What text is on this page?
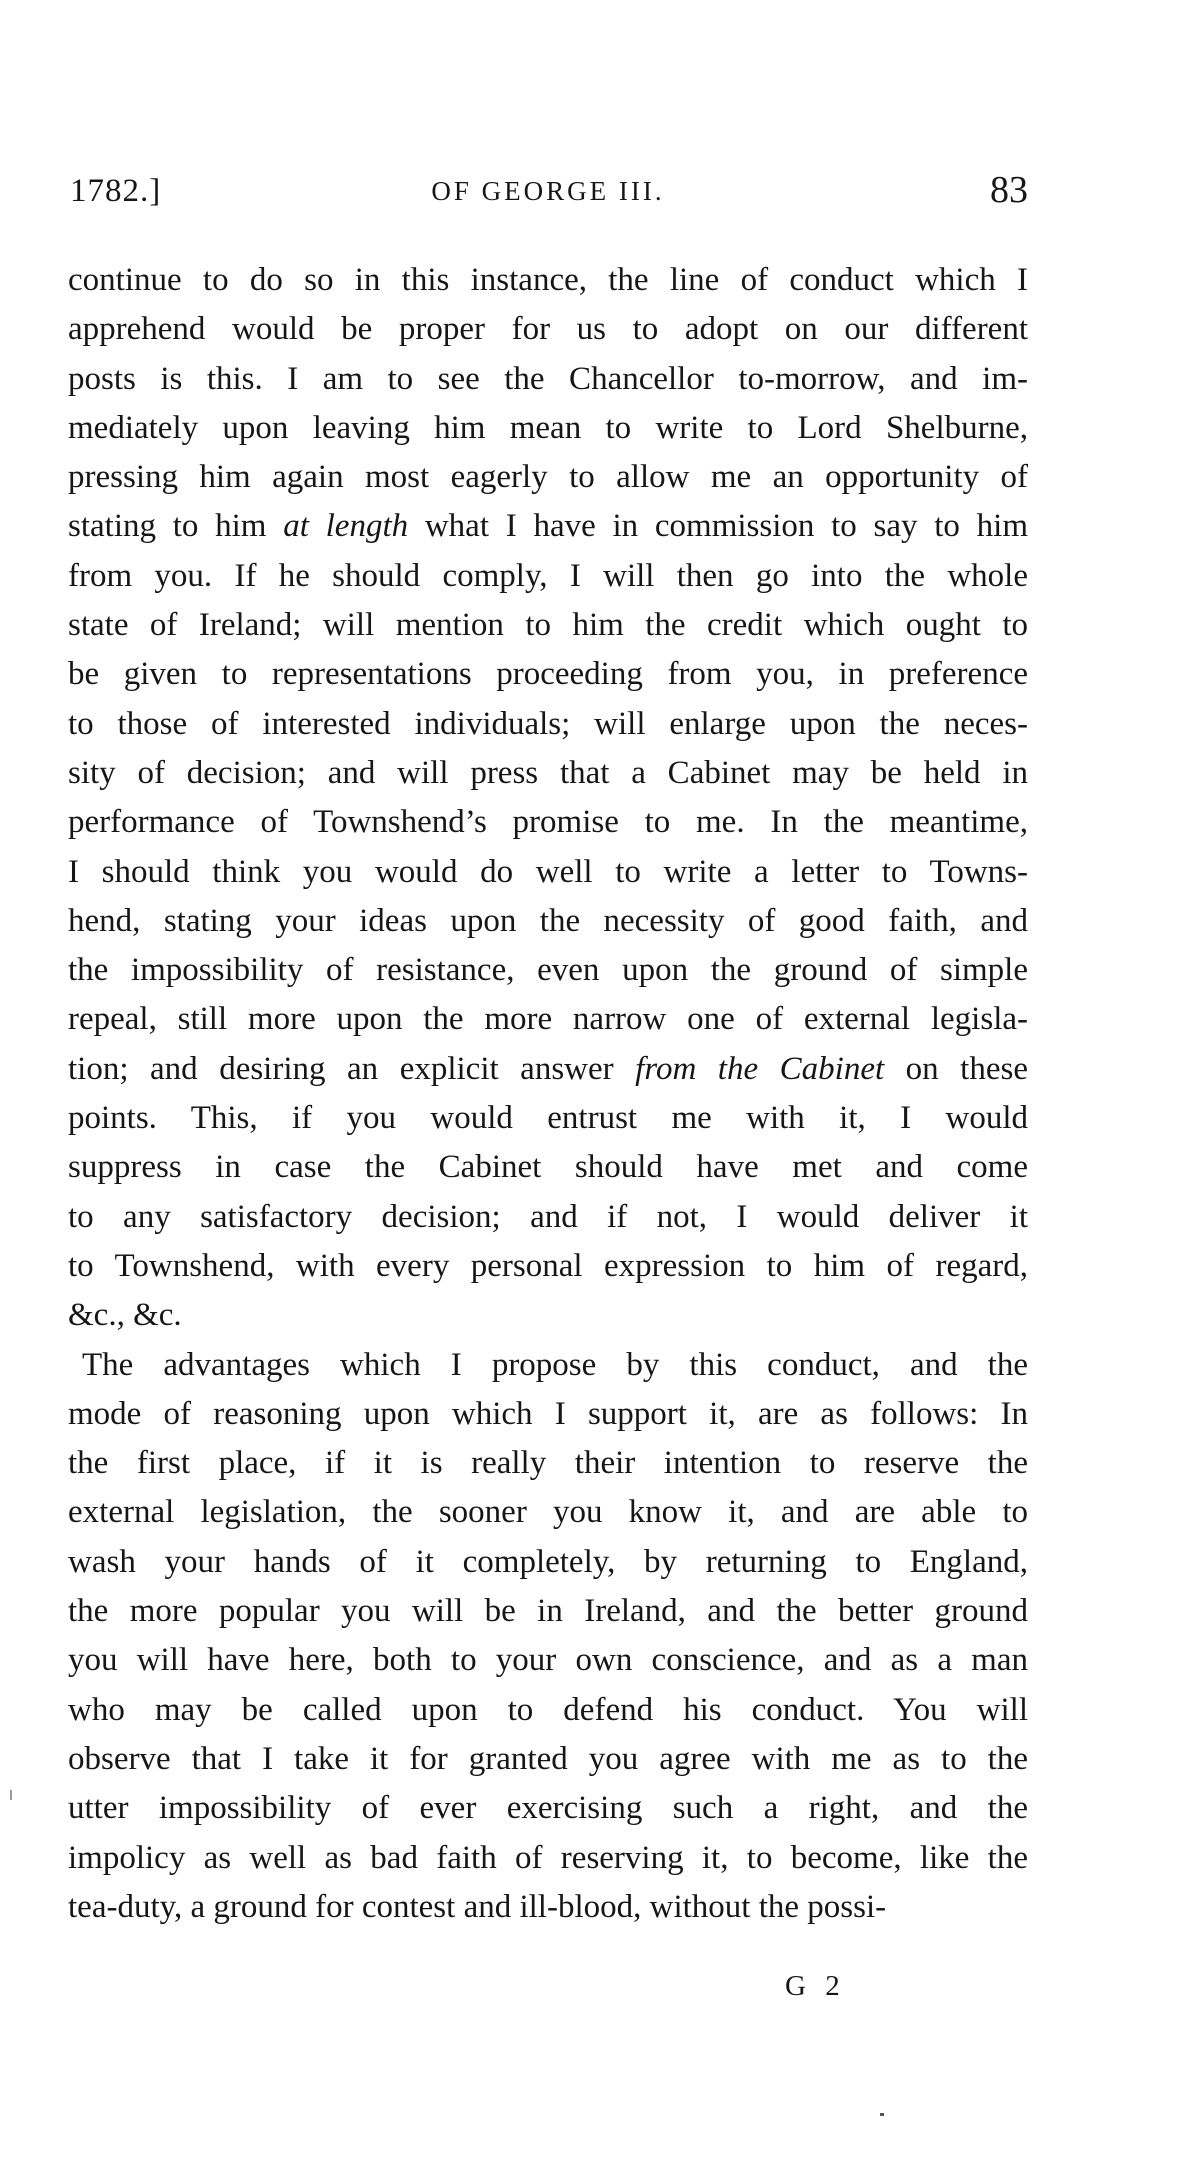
1782.]	OF GEORGE III.	83
continue to do so in this instance, the line of conduct which I
apprehend would be proper for us to adopt on our different
posts is this. I am to see the Chancellor to-morrow, and im-
mediately upon leaving him mean to write to Lord Shelburne,
pressing him again most eagerly to allow me an opportunity of
stating to him at length what I have in commission to say to him
from you. If he should comply, I will then go into the whole
state of Ireland; will mention to him the credit which ought to
be given to representations proceeding from you, in preference
to those of interested individuals; will enlarge upon the neces-
sity of decision; and will press that a Cabinet may be held in
performance of Townshend’s promise to me. In the meantime,
I should think you would do well to write a letter to Towns-
hend, stating your ideas upon the necessity of good faith, and
the impossibility of resistance, even upon the ground of simple
repeal, still more upon the more narrow one of external legisla-
tion; and desiring an explicit answer from the Cabinet on these
points. This, if you would entrust me with it, I would
suppress in case the Cabinet should have met and come
to any satisfactory decision; and if not, I would deliver it
to Townshend, with every personal expression to him of regard,
&c., &c.
The advantages which I propose by this conduct, and the
mode of reasoning upon which I support it, are as follows: In
the first place, if it is really their intention to reserve the
external legislation, the sooner you know it, and are able to
wash your hands of it completely, by returning to England,
the more popular you will be in Ireland, and the better ground
you will have here, both to your own conscience, and as a man
who may be called upon to defend his conduct. You will
observe that I take it for granted you agree with me as to the
utter impossibility of ever exercising such a right, and the
impolicy as well as bad faith of reserving it, to become, like the
tea-duty, a ground for contest and ill-blood, without the possi-
G 2
